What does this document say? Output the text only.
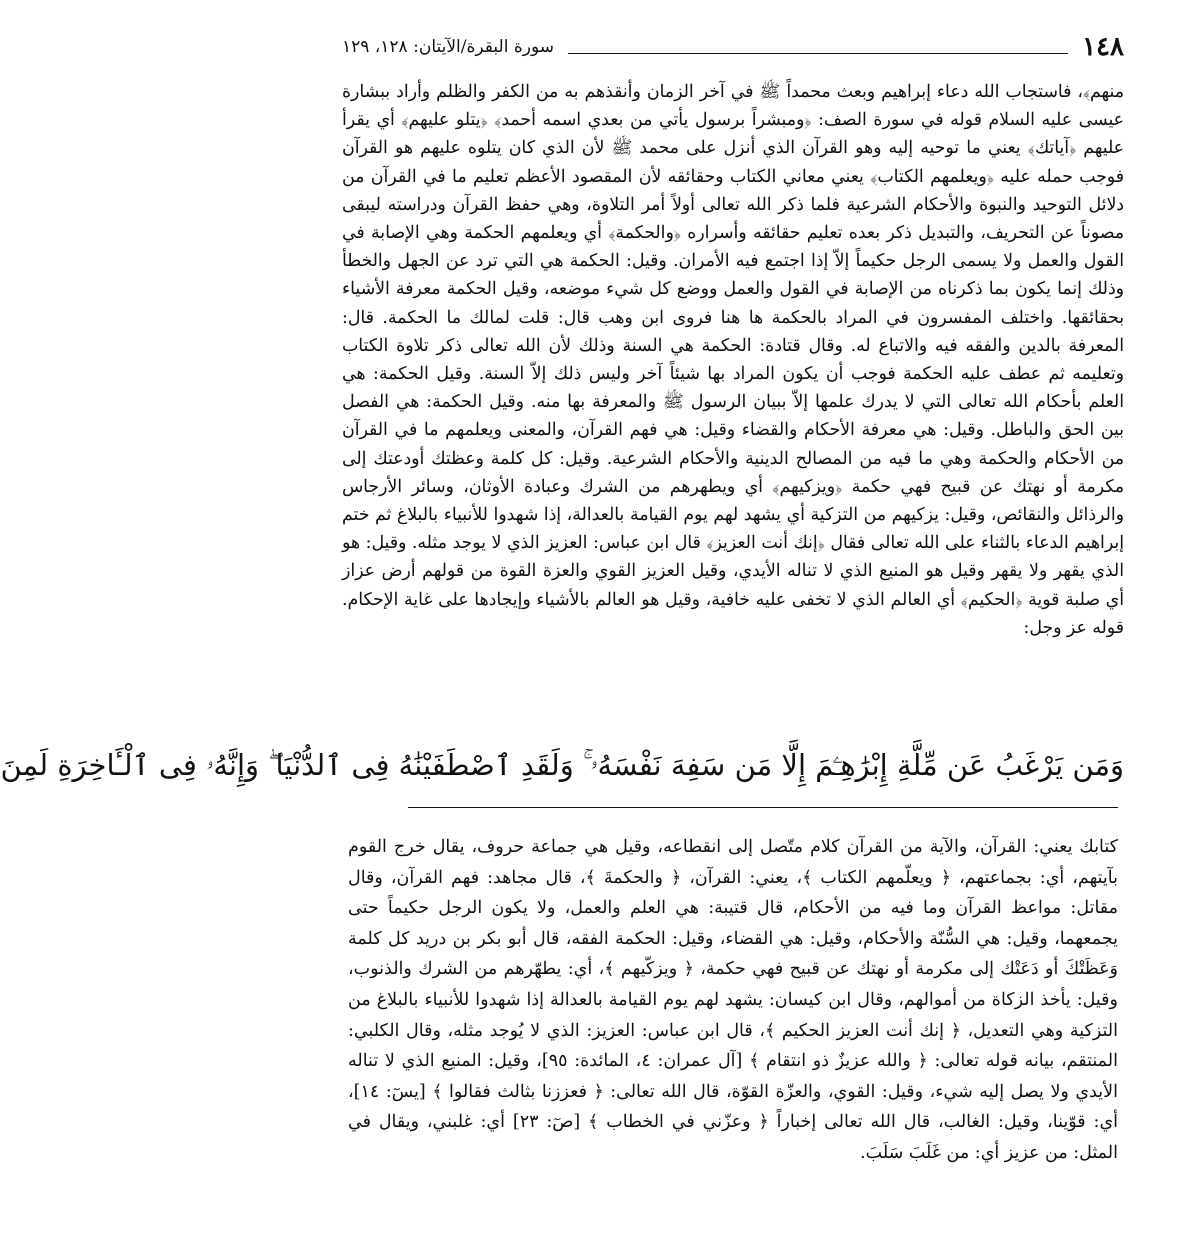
١٤٨
سورة البقرة/الآيتان: ١٢٨، ١٢٩

منهم﴾، فاستجاب الله دعاء إبراهيم وبعث محمداً ﷺ في آخر الزمان وأنقذهم به من الكفر والظلم وأراد ببشارة عيسى عليه السلام قوله في سورة الصف: ﴿ومبشراً برسول يأتي من بعدي اسمه أحمد﴾ ﴿يتلو عليهم﴾ أي يقرأ عليهم ﴿آياتك﴾ يعني ما توحيه إليه وهو القرآن الذي أنزل على محمد ﷺ لأن الذي كان يتلوه عليهم هو القرآن فوجب حمله عليه ﴿ويعلمهم الكتاب﴾ يعني معاني الكتاب وحقائقه لأن المقصود الأعظم تعليم ما في القرآن من دلائل التوحيد والنبوة والأحكام الشرعية فلما ذكر الله تعالى أولاً أمر التلاوة، وهي حفظ القرآن ودراسته ليبقى مصوناً عن التحريف، والتبديل ذكر بعده تعليم حقائقه وأسراره ﴿والحكمة﴾ أي ويعلمهم الحكمة وهي الإصابة في القول والعمل ولا يسمى الرجل حكيماً إلاّ إذا اجتمع فيه الأمران. وقيل: الحكمة هي التي ترد عن الجهل والخطأ وذلك إنما يكون بما ذكرناه من الإصابة في القول والعمل ووضع كل شيء موضعه، وقيل الحكمة معرفة الأشياء بحقائقها. واختلف المفسرون في المراد بالحكمة ها هنا فروى ابن وهب قال: قلت لمالك ما الحكمة. قال: المعرفة بالدين والفقه فيه والاتباع له. وقال قتادة: الحكمة هي السنة وذلك لأن الله تعالى ذكر تلاوة الكتاب وتعليمه ثم عطف عليه الحكمة فوجب أن يكون المراد بها شيئاً آخر وليس ذلك إلاّ السنة. وقيل الحكمة: هي العلم بأحكام الله تعالى التي لا يدرك علمها إلاّ ببيان الرسول ﷺ والمعرفة بها منه. وقيل الحكمة: هي الفصل بين الحق والباطل. وقيل: هي معرفة الأحكام والقضاء وقيل: هي فهم القرآن، والمعنى ويعلمهم ما في القرآن من الأحكام والحكمة وهي ما فيه من المصالح الدينية والأحكام الشرعية. وقيل: كل كلمة وعظتك أودعتك إلى مكرمة أو نهتك عن قبيح فهي حكمة ﴿ويزكيهم﴾ أي ويطهرهم من الشرك وعبادة الأوثان، وسائر الأرجاس والرذائل والنقائص، وقيل: يزكيهم من التزكية أي يشهد لهم يوم القيامة بالعدالة، إذا شهدوا للأنبياء بالبلاغ ثم ختم إبراهيم الدعاء بالثناء على الله تعالى فقال ﴿إنك أنت العزيز﴾ قال ابن عباس: العزيز الذي لا يوجد مثله. وقيل: هو الذي يقهر ولا يقهر وقيل هو المنيع الذي لا تناله الأيدي، وقيل العزيز القوي والعزة القوة من قولهم أرض عزاز أي صلبة قوية ﴿الحكيم﴾ أي العالم الذي لا تخفى عليه خافية، وقيل هو العالم بالأشياء وإيجادها على غاية الإحكام. قوله عز وجل:

وَمَن يَرْغَبُ عَن مِّلَّةِ إِبْرَٰهِـۧمَ إِلَّا مَن سَفِهَ نَفْسَهُۥ ۚ وَلَقَدِ ٱصْطَفَيْنَٰهُ فِى ٱلدُّنْيَا ۖ وَإِنَّهُۥ فِى ٱلْـَٔاخِرَةِ لَمِنَ

كتابك يعني: القرآن، والآية من القرآن كلام متّصل إلى انقطاعه، وقيل هي جماعة حروف، يقال خرج القوم بآيتهم، أي: بجماعتهم، ﴿ ويعلّمهم الكتاب ﴾، يعني: القرآن، ﴿ والحكمةَ ﴾، قال مجاهد: فهم القرآن، وقال مقاتل: مواعظ القرآن وما فيه من الأحكام، قال قتيبة: هي العلم والعمل، ولا يكون الرجل حكيماً حتى يجمعهما، وقيل: هي السُّنّة والأحكام، وقيل: هي القضاء، وقيل: الحكمة الفقه، قال أبو بكر بن دريد كل كلمة وَعَظَتْكَ أو دَعَتْك إلى مكرمة أو نهتك عن قبيح فهي حكمة، ﴿ ويزكّيهم ﴾، أي: يطهّرهم من الشرك والذنوب، وقيل: يأخذ الزكاة من أموالهم، وقال ابن كيسان: يشهد لهم يوم القيامة بالعدالة إذا شهدوا للأنبياء بالبلاغ من التزكية وهي التعديل، ﴿ إنك أنت العزيز الحكيم ﴾، قال ابن عباس: العزيز: الذي لا يُوجد مثله، وقال الكلبي: المنتقم، بيانه قوله تعالى: ﴿ والله عزيزٌ ذو انتقام ﴾ [آل عمران: ٤، المائدة: ٩٥]، وقيل: المنيع الذي لا تناله الأيدي ولا يصل إليه شيء، وقيل: القوي، والعزّة القوّة، قال الله تعالى: ﴿ فعززنا بثالث فقالوا ﴾ [يسٓ: ١٤]، أي: قوّينا، وقيل: الغالب، قال الله تعالى إخباراً ﴿ وعزّني في الخطاب ﴾ [صٓ: ٢٣] أي: غلبني، ويقال في المثل: من عزيز أي: من غَلَبَ سَلَبَ.
